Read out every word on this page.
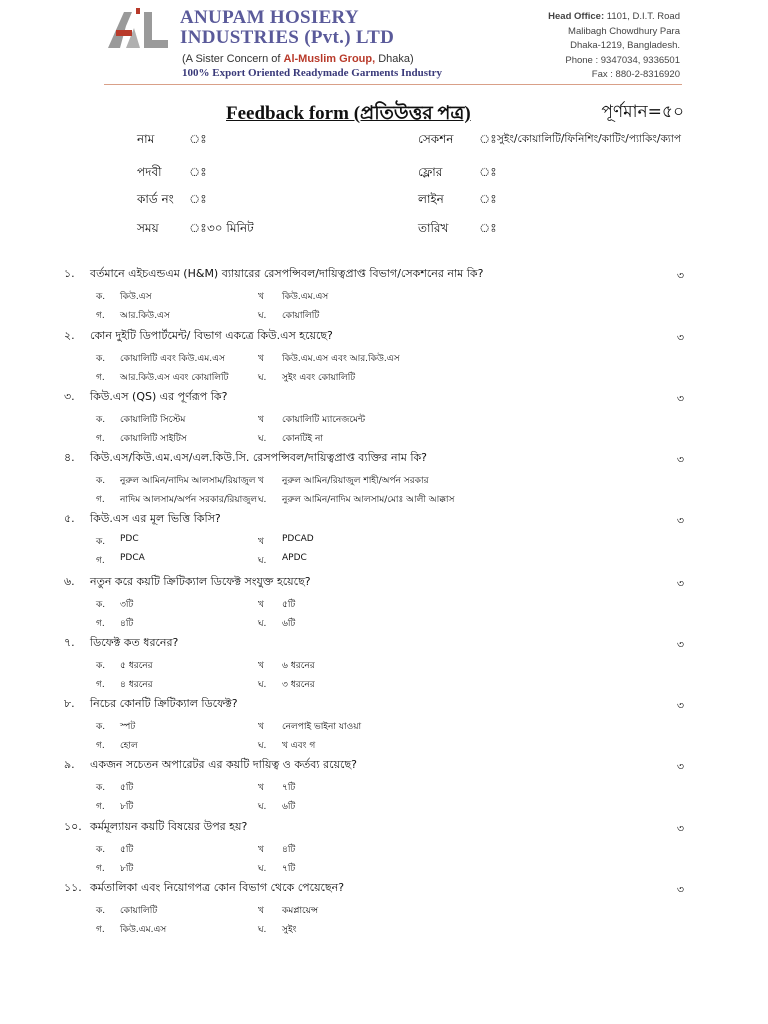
ANUPAM HOSIERY
INDUSTRIES (Pvt.) LTD
(A Sister Concern of Al-Muslim Group, Dhaka)
100% Export Oriented Readymade Garments Industry
Head Office: 1101, D.I.T. Road
Malibagh Chowdhury Para
Dhaka-1219, Bangladesh.
Phone : 9347034, 9336501
Fax : 880-2-8316920
Feedback form (প্রতিউত্তর পত্র)	পূর্ণমান=৫০
নাম	ঃ	সেকশন ঃ সুইং/কোয়ালিটি/ফিনিশিং/কাটিং/প্যাকিং/ক্যাপ
পদবী ঃ	ফ্লোর	ঃ
কার্ড নং ঃ	লাইন	ঃ
সময়	ঃ ৩০ মিনিট	তারিখ	ঃ
১. বর্তমানে এইচএন্ডএম (H&M) ব্যায়ারের রেসপন্সিবল/দায়িত্বপ্রাপ্ত বিভাগ/সেকশনের নাম কি?	৩
ক. কিউ.এস	খ কিউ.এম.এস
গ. আর.কিউ.এস	ঘ. কোয়ালিটি
২. কোন দুইটি ডিপার্টমেন্ট/ বিভাগ একত্রে কিউ.এস হয়েছে?	৩
ক. কোয়ালিটি এবং কিউ.এম.এস	খ কিউ.এম.এস এবং আর.কিউ.এস
গ. আর.কিউ.এস এবং কোয়ালিটি	ঘ. সুইং এবং কোয়ালিটি
৩. কিউ.এস (QS) এর পূর্ণরূপ কি?	৩
ক. কোয়ালিটি সিস্টেম	খ কোয়ালিটি ম্যানেজমেন্ট
গ. কোয়ালিটি সাইটিস	ঘ. কোনটিই না
৪. কিউ.এস/কিউ.এম.এস/এল.কিউ.সি. রেসপন্সিবল/দায়িত্বপ্রাপ্ত ব্যক্তির নাম কি?	৩
ক. নুরুল আমিন/নাদিম আলসাম/রিয়াজুল খ নুরুল আমিন/রিয়াজুল শাহী/অর্পন সরকার
গ. নাদিম আলসাম/অর্পন সরকার/রিয়াজুল ঘ. নুরুল আমিন/নাদিম আলসাম/মোঃ আলী আক্কাস
৫. কিউ.এস এর মূল ভিত্তি কিসি?	৩
ক. PDC	খ PDCAD
গ. PDCA	ঘ. APDC
৬. নতুন করে কয়টি ক্রিটিক্যাল ডিফেক্ট সংযুক্ত হয়েছে?	৩
ক. ৩টি	খ ৫টি
গ. ৪টি	ঘ. ৬টি
৭. ডিফেক্ট কত ধরনের?	৩
ক. ৫ ধরনের	খ ৬ ধরনের
গ. ৪ ধরনের	ঘ. ৩ ধরনের
৮. নিচের কোনটি ক্রিটিক্যাল ডিফেক্ট?	৩
ক. স্পট	খ নেলপাই ভাইনা যাওয়া
গ. হোল	ঘ. খ এবং গ
৯. একজন সচেতন অপারেটর এর কয়টি দায়িত্ব ও কর্তব্য রয়েছে?	৩
ক. ৫টি	খ ৭টি
গ. ৮টি	ঘ. ৬টি
১০. কর্মমূল্যায়ন কয়টি বিষয়ের উপর হয়?	৩
ক. ৫টি	খ ৪টি
গ. ৮টি	ঘ. ৭টি
১১. কর্মতালিকা এবং নিয়োগপত্র কোন বিভাগ থেকে পেয়েছেন?	৩
ক. কোয়ালিটি	খ কমপ্লায়েন্স
গ. কিউ.এম.এস	ঘ. সুইং
